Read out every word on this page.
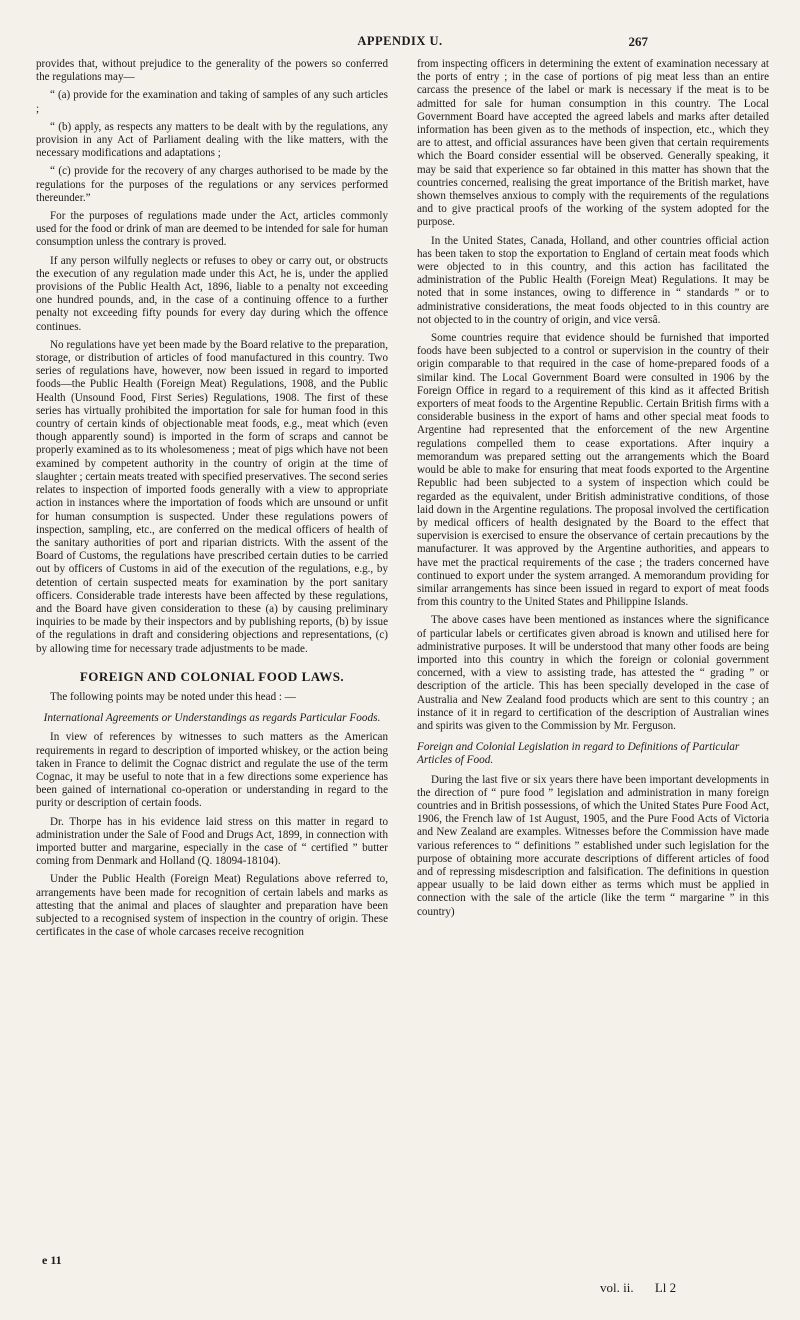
APPENDIX U.	267

provides that, without prejudice to the generality of the powers so conferred the regulations may—

“ (a) provide for the examination and taking of samples of any such articles ;

“ (b) apply, as respects any matters to be dealt with by the regulations, any provision in any Act of Parliament dealing with the like matters, with the necessary modifications and adaptations ;

“ (c) provide for the recovery of any charges authorised to be made by the regulations for the purposes of the regulations or any services performed thereunder.”

For the purposes of regulations made under the Act, articles commonly used for the food or drink of man are deemed to be intended for sale for human consumption unless the contrary is proved.

If any person wilfully neglects or refuses to obey or carry out, or obstructs the execution of any regulation made under this Act, he is, under the applied provisions of the Public Health Act, 1896, liable to a penalty not exceeding one hundred pounds, and, in the case of a continuing offence to a further penalty not exceeding fifty pounds for every day during which the offence continues.

No regulations have yet been made by the Board relative to the preparation, storage, or distribution of articles of food manufactured in this country. Two series of regulations have, however, now been issued in regard to imported foods—the Public Health (Foreign Meat) Regulations, 1908, and the Public Health (Unsound Food, First Series) Regulations, 1908. The first of these series has virtually prohibited the importation for sale for human food in this country of certain kinds of objectionable meat foods, e.g., meat which (even though apparently sound) is imported in the form of scraps and cannot be properly examined as to its wholesomeness ; meat of pigs which have not been examined by competent authority in the country of origin at the time of slaughter ; certain meats treated with specified preservatives. The second series relates to inspection of imported foods generally with a view to appropriate action in instances where the importation of foods which are unsound or unfit for human consumption is suspected. Under these regulations powers of inspection, sampling, etc., are conferred on the medical officers of health of the sanitary authorities of port and riparian districts. With the assent of the Board of Customs, the regulations have prescribed certain duties to be carried out by officers of Customs in aid of the execution of the regulations, e.g., by detention of certain suspected meats for examination by the port sanitary officers. Considerable trade interests have been affected by these regulations, and the Board have given consideration to these (a) by causing preliminary inquiries to be made by their inspectors and by publishing reports, (b) by issue of the regulations in draft and considering objections and representations, (c) by allowing time for necessary trade adjustments to be made.

FOREIGN AND COLONIAL FOOD LAWS.

The following points may be noted under this head : —

International Agreements or Understandings as regards Particular Foods.

In view of references by witnesses to such matters as the American requirements in regard to description of imported whiskey, or the action being taken in France to delimit the Cognac district and regulate the use of the term Cognac, it may be useful to note that in a few directions some experience has been gained of international co-operation or understanding in regard to the purity or description of certain foods.

Dr. Thorpe has in his evidence laid stress on this matter in regard to administration under the Sale of Food and Drugs Act, 1899, in connection with imported butter and margarine, especially in the case of “ certified ” butter coming from Denmark and Holland (Q. 18094-18104).

Under the Public Health (Foreign Meat) Regulations above referred to, arrangements have been made for recognition of certain labels and marks as attesting that the animal and places of slaughter and preparation have been subjected to a recognised system of inspection in the country of origin. These certificates in the case of whole carcases receive recognition

from inspecting officers in determining the extent of examination necessary at the ports of entry ; in the case of portions of pig meat less than an entire carcass the presence of the label or mark is necessary if the meat is to be admitted for sale for human consumption in this country. The Local Government Board have accepted the agreed labels and marks after detailed information has been given as to the methods of inspection, etc., which they are to attest, and official assurances have been given that certain requirements which the Board consider essential will be observed. Generally speaking, it may be said that experience so far obtained in this matter has shown that the countries concerned, realising the great importance of the British market, have shown themselves anxious to comply with the requirements of the regulations and to give practical proofs of the working of the system adopted for the purpose.

In the United States, Canada, Holland, and other countries official action has been taken to stop the exportation to England of certain meat foods which were objected to in this country, and this action has facilitated the administration of the Public Health (Foreign Meat) Regulations. It may be noted that in some instances, owing to difference in “ standards ” or to administrative considerations, the meat foods objected to in this country are not objected to in the country of origin, and vice versâ.

Some countries require that evidence should be furnished that imported foods have been subjected to a control or supervision in the country of their origin comparable to that required in the case of home-prepared foods of a similar kind. The Local Government Board were consulted in 1906 by the Foreign Office in regard to a requirement of this kind as it affected British exporters of meat foods to the Argentine Republic. Certain British firms with a considerable business in the export of hams and other special meat foods to Argentine had represented that the enforcement of the new Argentine regulations compelled them to cease exportations. After inquiry a memorandum was prepared setting out the arrangements which the Board would be able to make for ensuring that meat foods exported to the Argentine Republic had been subjected to a system of inspection which could be regarded as the equivalent, under British administrative conditions, of those laid down in the Argentine regulations. The proposal involved the certification by medical officers of health designated by the Board to the effect that supervision is exercised to ensure the observance of certain precautions by the manufacturer. It was approved by the Argentine authorities, and appears to have met the practical requirements of the case ; the traders concerned have continued to export under the system arranged. A memorandum providing for similar arrangements has since been issued in regard to export of meat foods from this country to the United States and Philippine Islands.

The above cases have been mentioned as instances where the significance of particular labels or certificates given abroad is known and utilised here for administrative purposes. It will be understood that many other foods are being imported into this country in which the foreign or colonial government concerned, with a view to assisting trade, has attested the “ grading ” or description of the article. This has been specially developed in the case of Australia and New Zealand food products which are sent to this country ; an instance of it in regard to certification of the description of Australian wines and spirits was given to the Commission by Mr. Ferguson.

Foreign and Colonial Legislation in regard to Definitions of Particular Articles of Food.

During the last five or six years there have been important developments in the direction of “ pure food ” legislation and administration in many foreign countries and in British possessions, of which the United States Pure Food Act, 1906, the French law of 1st August, 1905, and the Pure Food Acts of Victoria and New Zealand are examples. Witnesses before the Commission have made various references to “ definitions ” established under such legislation for the purpose of obtaining more accurate descriptions of different articles of food and of repressing misdescription and falsification. The definitions in question appear usually to be laid down either as terms which must be applied in connection with the sale of the article (like the term “ margarine ” in this country)

e 11
vol. ii. Ll 2
